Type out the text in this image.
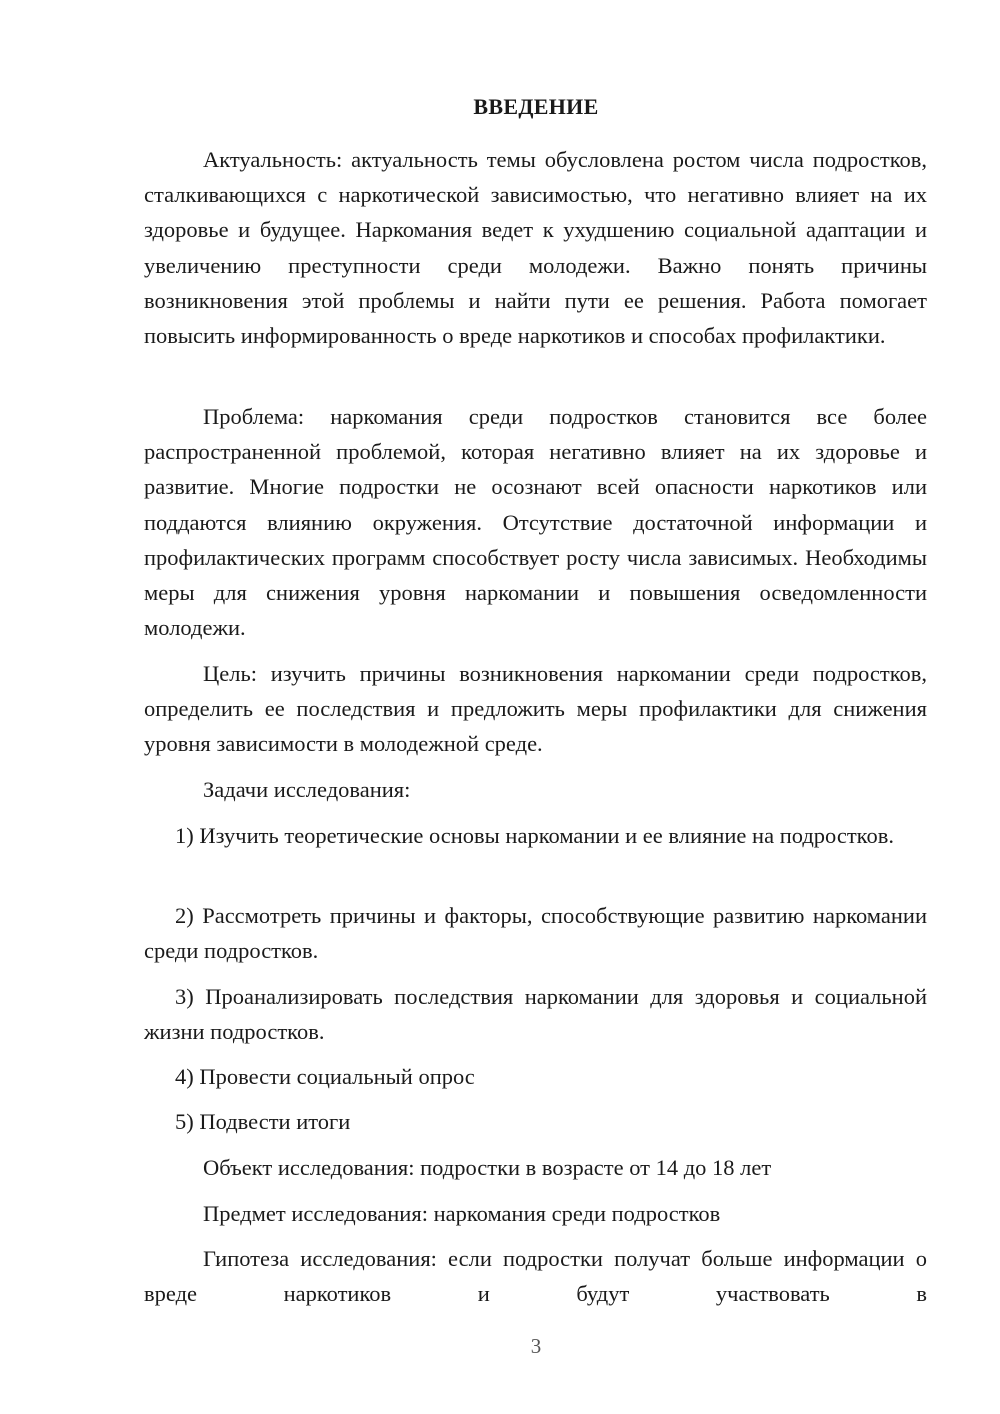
ВВЕДЕНИЕ

Актуальность: актуальность темы обусловлена ростом числа подростков, сталкивающихся с наркотической зависимостью, что негативно влияет на их здоровье и будущее. Наркомания ведет к ухудшению социальной адаптации и увеличению преступности среди молодежи. Важно понять причины возникновения этой проблемы и найти пути ее решения. Работа помогает повысить информированность о вреде наркотиков и способах профилактики.

Проблема: наркомания среди подростков становится все более распространенной проблемой, которая негативно влияет на их здоровье и развитие. Многие подростки не осознают всей опасности наркотиков или поддаются влиянию окружения. Отсутствие достаточной информации и профилактических программ способствует росту числа зависимых. Необходимы меры для снижения уровня наркомании и повышения осведомленности молодежи.

Цель: изучить причины возникновения наркомании среди подростков, определить ее последствия и предложить меры профилактики для снижения уровня зависимости в молодежной среде.

Задачи исследования:

1) Изучить теоретические основы наркомании и ее влияние на подростков.

2) Рассмотреть причины и факторы, способствующие развитию наркомании среди подростков.

3) Проанализировать последствия наркомании для здоровья и социальной жизни подростков.

4) Провести социальный опрос

5) Подвести итоги

Объект исследования: подростки в возрасте от 14 до 18 лет

Предмет исследования: наркомания среди подростков

Гипотеза исследования: если подростки получат больше информации о вреде наркотиков и будут участвовать в

3
